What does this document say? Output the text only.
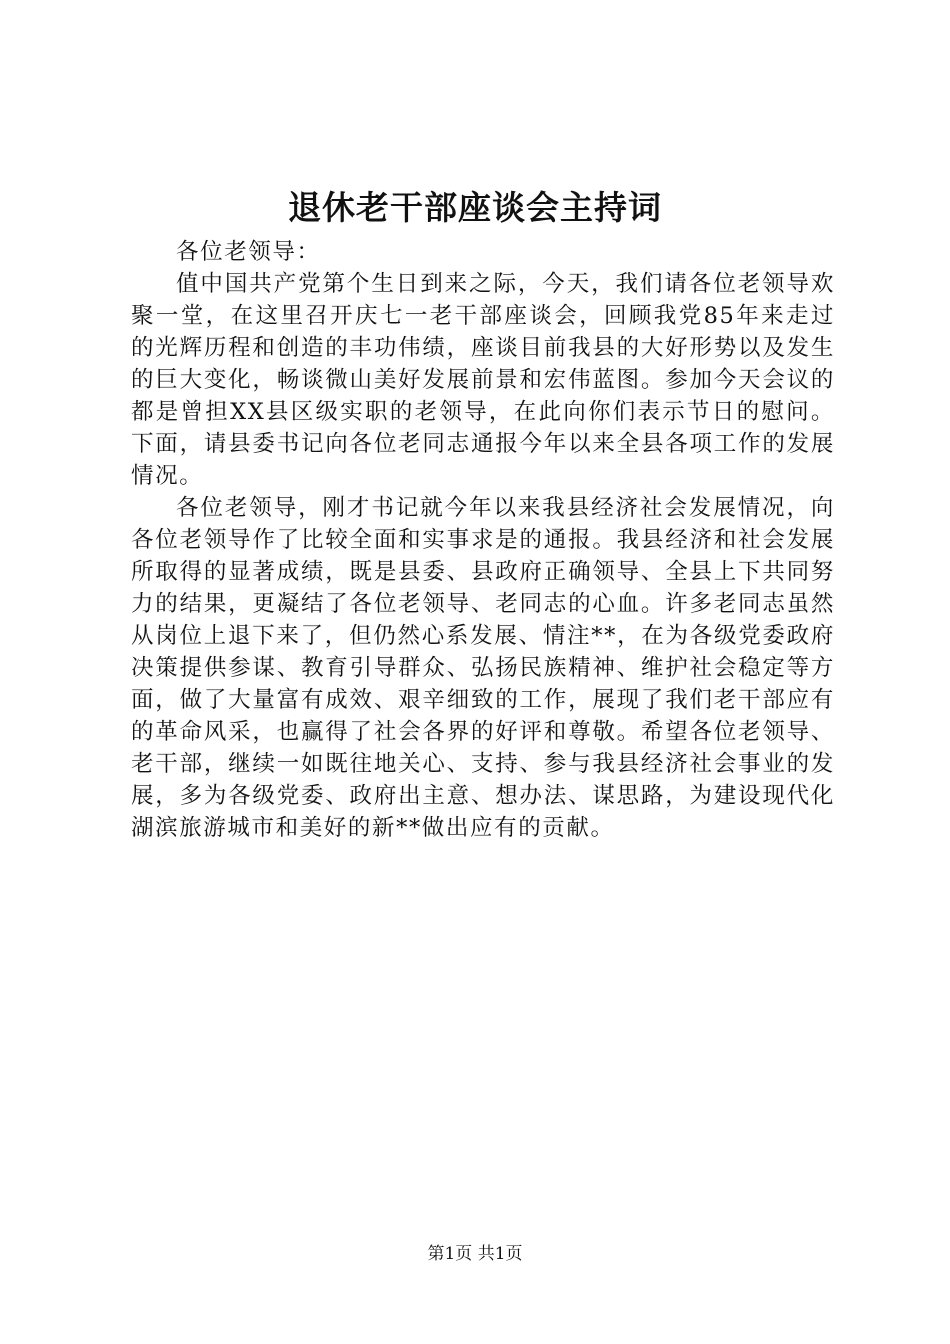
退休老干部座谈会主持词

各位老领导：

值中国共产党第个生日到来之际，今天，我们请各位老领导欢聚一堂，在这里召开庆七一老干部座谈会，回顾我党85年来走过的光辉历程和创造的丰功伟绩，座谈目前我县的大好形势以及发生的巨大变化，畅谈微山美好发展前景和宏伟蓝图。参加今天会议的都是曾担XX县区级实职的老领导，在此向你们表示节日的慰问。下面，请县委书记向各位老同志通报今年以来全县各项工作的发展情况。

各位老领导，刚才书记就今年以来我县经济社会发展情况，向各位老领导作了比较全面和实事求是的通报。我县经济和社会发展所取得的显著成绩，既是县委、县政府正确领导、全县上下共同努力的结果，更凝结了各位老领导、老同志的心血。许多老同志虽然从岗位上退下来了，但仍然心系发展、情注**，在为各级党委政府决策提供参谋、教育引导群众、弘扬民族精神、维护社会稳定等方面，做了大量富有成效、艰辛细致的工作，展现了我们老干部应有的革命风采，也赢得了社会各界的好评和尊敬。希望各位老领导、老干部，继续一如既往地关心、支持、参与我县经济社会事业的发展，多为各级党委、政府出主意、想办法、谋思路，为建设现代化湖滨旅游城市和美好的新**做出应有的贡献。

第1页 共1页
